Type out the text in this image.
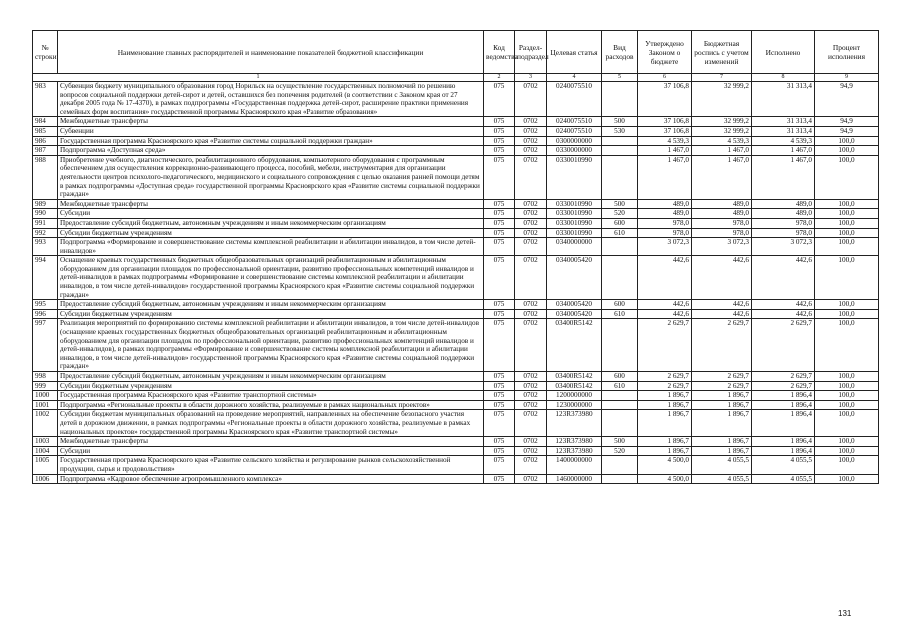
№ строки	Наименование главных распорядителей и наименование показателей бюджетной классификации	Код ведомства	Раздел-подраздел	Целевая статья	Вид расходов	Утверждено Законом о бюджете	Бюджетная роспись с учетом изменений	Исполнено	Процент исполнения
1		2	3	4	5	6	7	8	9
983	Субвенция бюджету муниципального образования город Норильск на осуществление государственных полномочий по решению вопросов социальной поддержки детей-сирот и детей, оставшихся без попечения родителей (в соответствии с Законом края от 27 декабря 2005 года № 17-4370), в рамках подпрограммы «Государственная поддержка детей-сирот, расширение практики применения семейных форм воспитания» государственной программы Красноярского края «Развитие образования»	075	0702	0240075510		37 106,8	32 999,2	31 313,4	94,9
984	Межбюджетные трансферты	075	0702	0240075510	500	37 106,8	32 999,2	31 313,4	94,9
985	Субвенции	075	0702	0240075510	530	37 106,8	32 999,2	31 313,4	94,9
986	Государственная программа Красноярского края «Развитие системы социальной поддержки граждан»	075	0702	0300000000		4 539,3	4 539,3	4 539,3	100,0
987	Подпрограмма «Доступная среда»	075	0702	0330000000		1 467,0	1 467,0	1 467,0	100,0
988	Приобретение учебного, диагностического, реабилитационного оборудования, компьютерного оборудования с программным обеспечением для осуществления коррекционно-развивающего процесса, пособий, мебели, инструментария для организации деятельности центров психолого-педагогического, медицинского и социального сопровождения с целью оказания ранней помощи детям в рамках подпрограммы «Доступная среда» государственной программы Красноярского края «Развитие системы социальной поддержки граждан»	075	0702	0330010990		1 467,0	1 467,0	1 467,0	100,0
989	Межбюджетные трансферты	075	0702	0330010990	500	489,0	489,0	489,0	100,0
990	Субсидии	075	0702	0330010990	520	489,0	489,0	489,0	100,0
991	Предоставление субсидий бюджетным, автономным учреждениям и иным некоммерческим организациям	075	0702	0330010990	600	978,0	978,0	978,0	100,0
992	Субсидии бюджетным учреждениям	075	0702	0330010990	610	978,0	978,0	978,0	100,0
993	Подпрограмма «Формирование и совершенствование системы комплексной реабилитации и абилитации инвалидов, в том числе детей-инвалидов»	075	0702	0340000000		3 072,3	3 072,3	3 072,3	100,0
994	Оснащение краевых государственных бюджетных общеобразовательных организаций реабилитационным и абилитационным оборудованием для организации площадок по профессиональной ориентации, развитию профессиональных компетенций инвалидов и детей-инвалидов в рамках подпрограммы «Формирование и совершенствование системы комплексной реабилитации и абилитации инвалидов, в том числе детей-инвалидов» государственной программы Красноярского края «Развитие системы социальной поддержки граждан»	075	0702	0340005420		442,6	442,6	442,6	100,0
995	Предоставление субсидий бюджетным, автономным учреждениям и иным некоммерческим организациям	075	0702	0340005420	600	442,6	442,6	442,6	100,0
996	Субсидии бюджетным учреждениям	075	0702	0340005420	610	442,6	442,6	442,6	100,0
997	Реализация мероприятий по формированию системы комплексной реабилитации и абилитации инвалидов, в том числе детей-инвалидов (оснащение краевых государственных бюджетных общеобразовательных организаций реабилитационным и абилитационным оборудованием для организации площадок по профессиональной ориентации, развитию профессиональных компетенций инвалидов и детей-инвалидов), в рамках подпрограммы «Формирование и совершенствование системы комплексной реабилитации и абилитации инвалидов, в том числе детей-инвалидов» государственной программы Красноярского края «Развитие системы социальной поддержки граждан»	075	0702	03400R5142		2 629,7	2 629,7	2 629,7	100,0
998	Предоставление субсидий бюджетным, автономным учреждениям и иным некоммерческим организациям	075	0702	03400R5142	600	2 629,7	2 629,7	2 629,7	100,0
999	Субсидии бюджетным учреждениям	075	0702	03400R5142	610	2 629,7	2 629,7	2 629,7	100,0
1000	Государственная программа Красноярского края «Развитие транспортной системы»	075	0702	1200000000		1 896,7	1 896,7	1 896,4	100,0
1001	Подпрограмма «Региональные проекты в области дорожного хозяйства, реализуемые в рамках национальных проектов»	075	0702	1230000000		1 896,7	1 896,7	1 896,4	100,0
1002	Субсидии бюджетам муниципальных образований на проведение мероприятий, направленных на обеспечение безопасного участия детей в дорожном движении, в рамках подпрограммы «Региональные проекты в области дорожного хозяйства, реализуемые в рамках национальных проектов» государственной программы Красноярского края «Развитие транспортной системы»	075	0702	123R373980		1 896,7	1 896,7	1 896,4	100,0
1003	Межбюджетные трансферты	075	0702	123R373980	500	1 896,7	1 896,7	1 896,4	100,0
1004	Субсидии	075	0702	123R373980	520	1 896,7	1 896,7	1 896,4	100,0
1005	Государственная программа Красноярского края «Развитие сельского хозяйства и регулирование рынков сельскохозяйственной продукции, сырья и продовольствия»	075	0702	1400000000		4 500,0	4 055,5	4 055,5	100,0
1006	Подпрограмма «Кадровое обеспечение агропромышленного комплекса»	075	0702	1460000000		4 500,0	4 055,5	4 055,5	100,0
131
